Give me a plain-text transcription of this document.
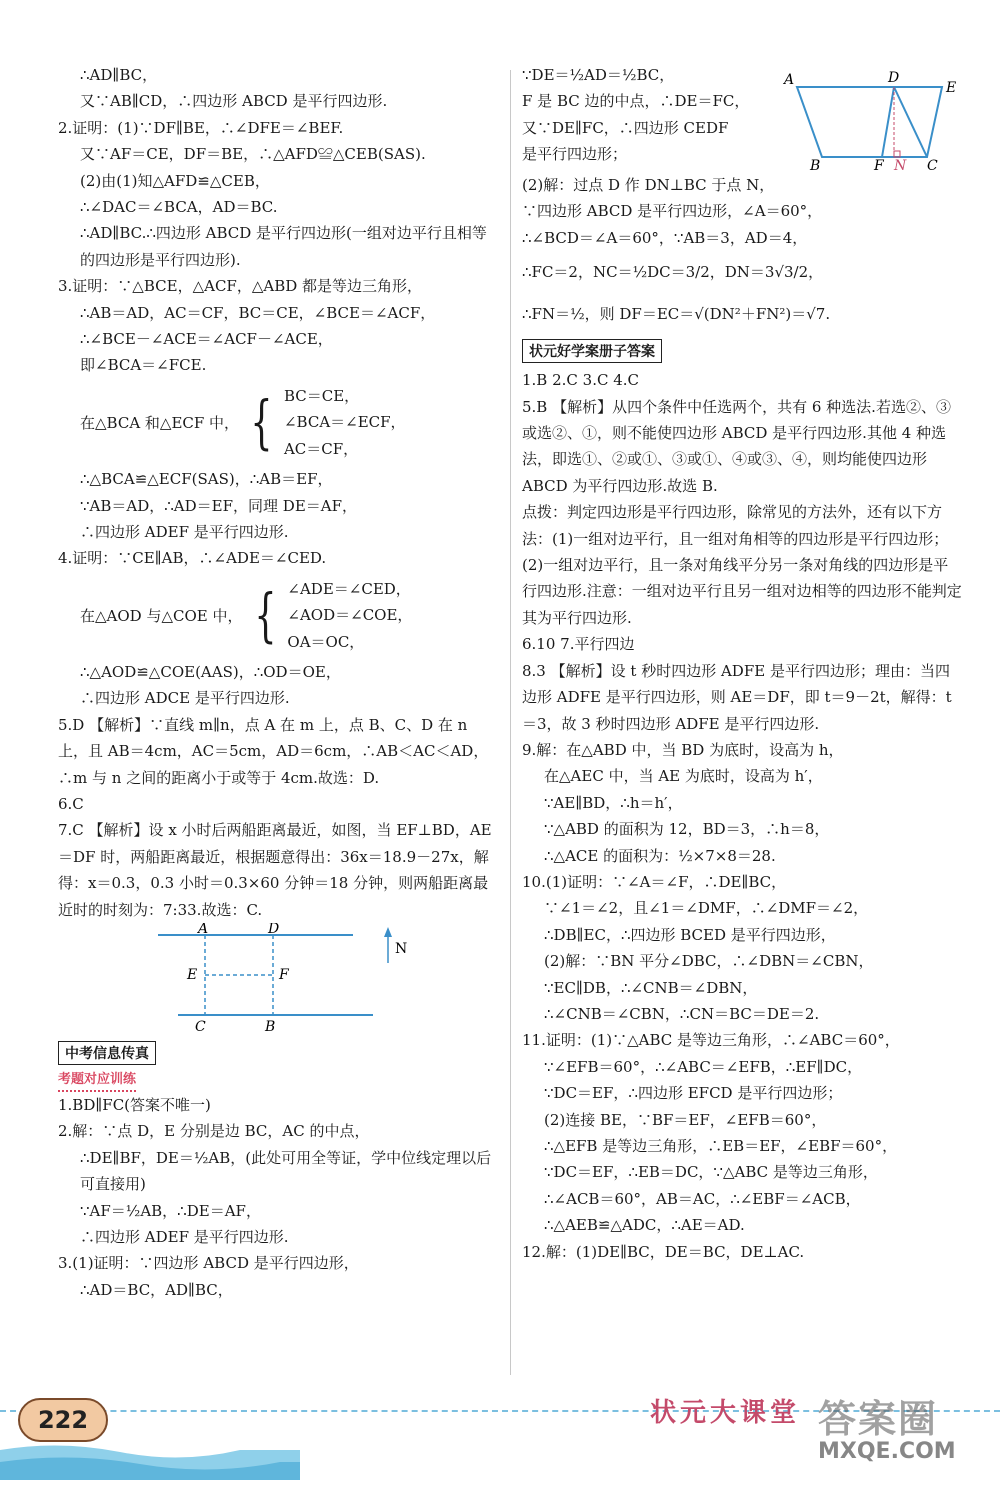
∴AD∥BC，
又∵AB∥CD，∴四边形 ABCD 是平行四边形.
2.证明：(1)∵DF∥BE，∴∠DFE＝∠BEF.
又∵AF＝CE，DF＝BE，∴△AFD≌△CEB(SAS).
(2)由(1)知△AFD≌△CEB，
∴∠DAC＝∠BCA，AD＝BC.
∴AD∥BC.∴四边形 ABCD 是平行四边形(一组对边平行且相等的四边形是平行四边形).
3.证明：∵△BCE，△ACF，△ABD 都是等边三角形，
∴AB＝AD，AC＝CF，BC＝CE，∠BCE＝∠ACF，
∴∠BCE－∠ACE＝∠ACF－∠ACE，
即∠BCA＝∠FCE.
在△BCA 和△ECF 中， { BC＝CE，
∠BCA＝∠ECF，
AC＝CF，
∴△BCA≌△ECF(SAS)，∴AB＝EF，
∵AB＝AD，∴AD＝EF，同理 DE＝AF，
∴四边形 ADEF 是平行四边形.
4.证明：∵CE∥AB，∴∠ADE＝∠CED.
在△AOD 与△COE 中， { ∠ADE＝∠CED，
∠AOD＝∠COE，
OA＝OC，
∴△AOD≌△COE(AAS)，∴OD＝OE，
∴四边形 ADCE 是平行四边形.
5.D 【解析】∵直线 m∥n，点 A 在 m 上，点 B、C、D 在 n 上，且 AB＝4cm，AC＝5cm，AD＝6cm，∴AB＜AC＜AD，∴m 与 n 之间的距离小于或等于 4cm.故选：D.
6.C
7.C 【解析】设 x 小时后两船距离最近，如图，当 EF⊥BD，AE＝DF 时，两船距离最近，根据题意得出：36x＝18.9－27x，解得：x＝0.3，0.3 小时＝0.3×60 分钟＝18 分钟，则两船距离最近时的时刻为：7:33.故选：C.
A	D
E	F
C	B
N
中考信息传真
考题对应训练
1.BD∥FC(答案不唯一)
2.解：∵点 D，E 分别是边 BC，AC 的中点，
∴DE∥BF，DE＝½AB，(此处可用全等证，学中位线定理以后可直接用)
∵AF＝½AB，∴DE＝AF，
∴四边形 ADEF 是平行四边形.
3.(1)证明：∵四边形 ABCD 是平行四边形，
∴AD＝BC，AD∥BC，
∵DE＝½AD＝½BC，
F 是 BC 边的中点，∴DE＝FC，
又∵DE∥FC，∴四边形 CEDF
是平行四边形；
A	D
E
B	F N C
(2)解：过点 D 作 DN⊥BC 于点 N，
∵四边形 ABCD 是平行四边形，∠A＝60°，
∴∠BCD＝∠A＝60°，∵AB＝3，AD＝4，
∴FC＝2，NC＝½DC＝3/2，DN＝3√3/2，
∴FN＝½，则 DF＝EC＝√(DN²＋FN²)＝√7.
状元好学案册子答案
1.B 2.C 3.C 4.C
5.B 【解析】从四个条件中任选两个，共有 6 种选法.若选②、③或选②、①，则不能使四边形 ABCD 是平行四边形.其他 4 种选法，即选①、②或①、③或①、④或③、④，则均能使四边形 ABCD 为平行四边形.故选 B.
点拨：判定四边形是平行四边形，除常见的方法外，还有以下方法：(1)一组对边平行，且一组对角相等的四边形是平行四边形；(2)一组对边平行，且一条对角线平分另一条对角线的四边形是平行四边形.注意：一组对边平行且另一组对边相等的四边形不能判定其为平行四边形.
6.10 7.平行四边
8.3 【解析】设 t 秒时四边形 ADFE 是平行四边形；理由：当四边形 ADFE 是平行四边形，则 AE＝DF，即 t＝9－2t，解得：t＝3，故 3 秒时四边形 ADFE 是平行四边形.
9.解：在△ABD 中，当 BD 为底时，设高为 h，
在△AEC 中，当 AE 为底时，设高为 h′，
∵AE∥BD，∴h＝h′，
∵△ABD 的面积为 12，BD＝3，∴h＝8，
∴△ACE 的面积为：½×7×8＝28.
10.(1)证明：∵∠A＝∠F，∴DE∥BC，
∵∠1＝∠2，且∠1＝∠DMF，∴∠DMF＝∠2，
∴DB∥EC，∴四边形 BCED 是平行四边形，
(2)解：∵BN 平分∠DBC，∴∠DBN＝∠CBN，
∵EC∥DB，∴∠CNB＝∠DBN，
∴∠CNB＝∠CBN，∴CN＝BC＝DE＝2.
11.证明：(1)∵△ABC 是等边三角形，∴∠ABC＝60°，
∵∠EFB＝60°，∴∠ABC＝∠EFB，∴EF∥DC，
∵DC＝EF，∴四边形 EFCD 是平行四边形；
(2)连接 BE，∵BF＝EF，∠EFB＝60°，
∴△EFB 是等边三角形，∴EB＝EF，∠EBF＝60°，
∵DC＝EF，∴EB＝DC，∵△ABC 是等边三角形，
∴∠ACB＝60°，AB＝AC，∴∠EBF＝∠ACB，
∴△AEB≌△ADC，∴AE＝AD.
12.解：(1)DE∥BC，DE＝BC，DE⊥AC.
222	状元大课堂 答案圈
MXQE.COM
